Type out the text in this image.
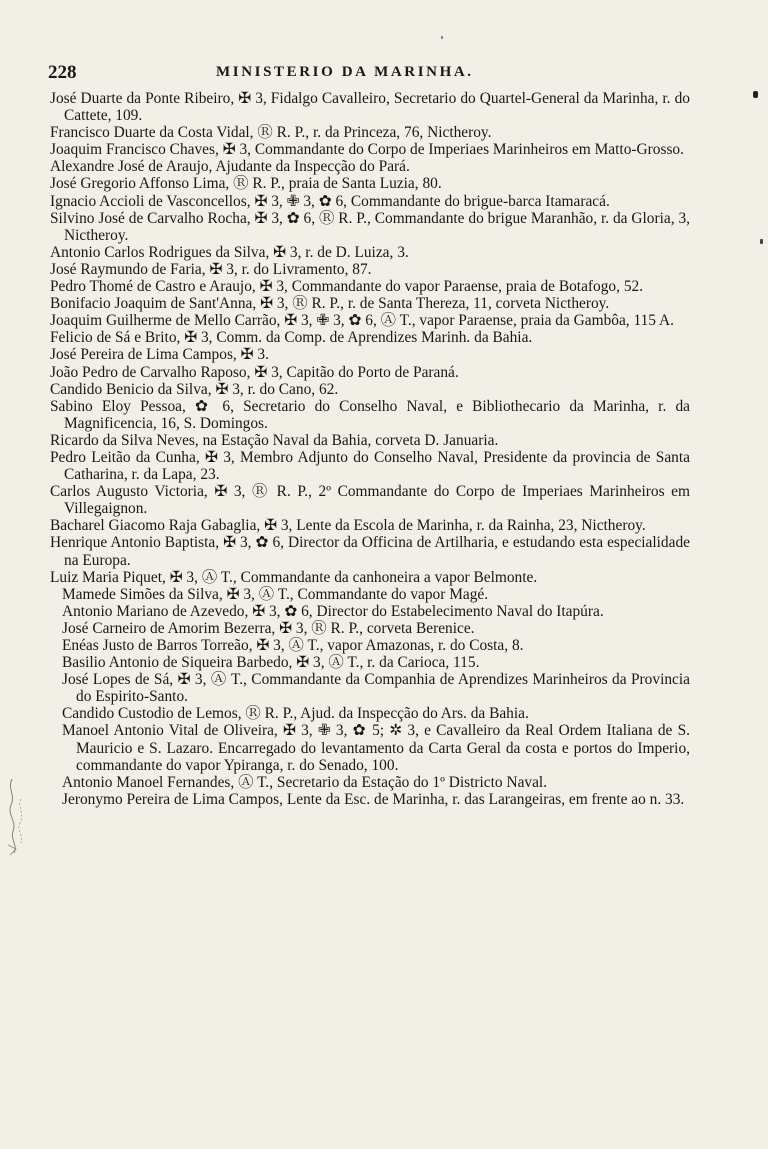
228	MINISTERIO DA MARINHA.

José Duarte da Ponte Ribeiro, ✠ 3, Fidalgo Cavalleiro, Secretario do Quartel-General da Marinha, r. do Cattete, 109.

Francisco Duarte da Costa Vidal, Ⓡ R. P., r. da Princeza, 76, Nictheroy.

Joaquim Francisco Chaves, ✠ 3, Commandante do Corpo de Imperiaes Marinheiros em Matto-Grosso.

Alexandre José de Araujo, Ajudante da Inspecção do Pará.

José Gregorio Affonso Lima, Ⓡ R. P., praia de Santa Luzia, 80.

Ignacio Accioli de Vasconcellos, ✠ 3, ✙ 3, ✿ 6, Commandante do brigue-barca Itamaracá.

Silvino José de Carvalho Rocha, ✠ 3, ✿ 6, Ⓡ R. P., Commandante do brigue Maranhão, r. da Gloria, 3, Nictheroy.

Antonio Carlos Rodrigues da Silva, ✠ 3, r. de D. Luiza, 3.

José Raymundo de Faria, ✠ 3, r. do Livramento, 87.

Pedro Thomé de Castro e Araujo, ✠ 3, Commandante do vapor Paraense, praia de Botafogo, 52.

Bonifacio Joaquim de Sant'Anna, ✠ 3, Ⓡ R. P., r. de Santa Thereza, 11, corveta Nictheroy.

Joaquim Guilherme de Mello Carrão, ✠ 3, ✙ 3, ✿ 6, Ⓐ T., vapor Paraense, praia da Gambôa, 115 A.

Felicio de Sá e Brito, ✠ 3, Comm. da Comp. de Aprendizes Marinh. da Bahia.

José Pereira de Lima Campos, ✠ 3.

João Pedro de Carvalho Raposo, ✠ 3, Capitão do Porto de Paraná.

Candido Benicio da Silva, ✠ 3, r. do Cano, 62.

Sabino Eloy Pessoa, ✿ 6, Secretario do Conselho Naval, e Bibliothecario da Marinha, r. da Magnificencia, 16, S. Domingos.

Ricardo da Silva Neves, na Estação Naval da Bahia, corveta D. Januaria.

Pedro Leitão da Cunha, ✠ 3, Membro Adjunto do Conselho Naval, Presidente da provincia de Santa Catharina, r. da Lapa, 23.

Carlos Augusto Victoria, ✠ 3, Ⓡ R. P., 2º Commandante do Corpo de Imperiaes Marinheiros em Villegaignon.

Bacharel Giacomo Raja Gabaglia, ✠ 3, Lente da Escola de Marinha, r. da Rainha, 23, Nictheroy.

Henrique Antonio Baptista, ✠ 3, ✿ 6, Director da Officina de Artilharia, e estudando esta especialidade na Europa.

Luiz Maria Piquet, ✠ 3, Ⓐ T., Commandante da canhoneira a vapor Belmonte.

Mamede Simões da Silva, ✠ 3, Ⓐ T., Commandante do vapor Magé.

Antonio Mariano de Azevedo, ✠ 3, ✿ 6, Director do Estabelecimento Naval do Itapúra.

José Carneiro de Amorim Bezerra, ✠ 3, Ⓡ R. P., corveta Berenice.

Enéas Justo de Barros Torreão, ✠ 3, Ⓐ T., vapor Amazonas, r. do Costa, 8.

Basilio Antonio de Siqueira Barbedo, ✠ 3, Ⓐ T., r. da Carioca, 115.

José Lopes de Sá, ✠ 3, Ⓐ T., Commandante da Companhia de Aprendizes Marinheiros da Provincia do Espirito-Santo.

Candido Custodio de Lemos, Ⓡ R. P., Ajud. da Inspecção do Ars. da Bahia.

Manoel Antonio Vital de Oliveira, ✠ 3, ✙ 3, ✿ 5; ✲ 3, e Cavalleiro da Real Ordem Italiana de S. Mauricio e S. Lazaro. Encarregado do levantamento da Carta Geral da costa e portos do Imperio, commandante do vapor Ypiranga, r. do Senado, 100.

Antonio Manoel Fernandes, Ⓐ T., Secretario da Estação do 1º Districto Naval.

Jeronymo Pereira de Lima Campos, Lente da Esc. de Marinha, r. das Larangeiras, em frente ao n. 33.
